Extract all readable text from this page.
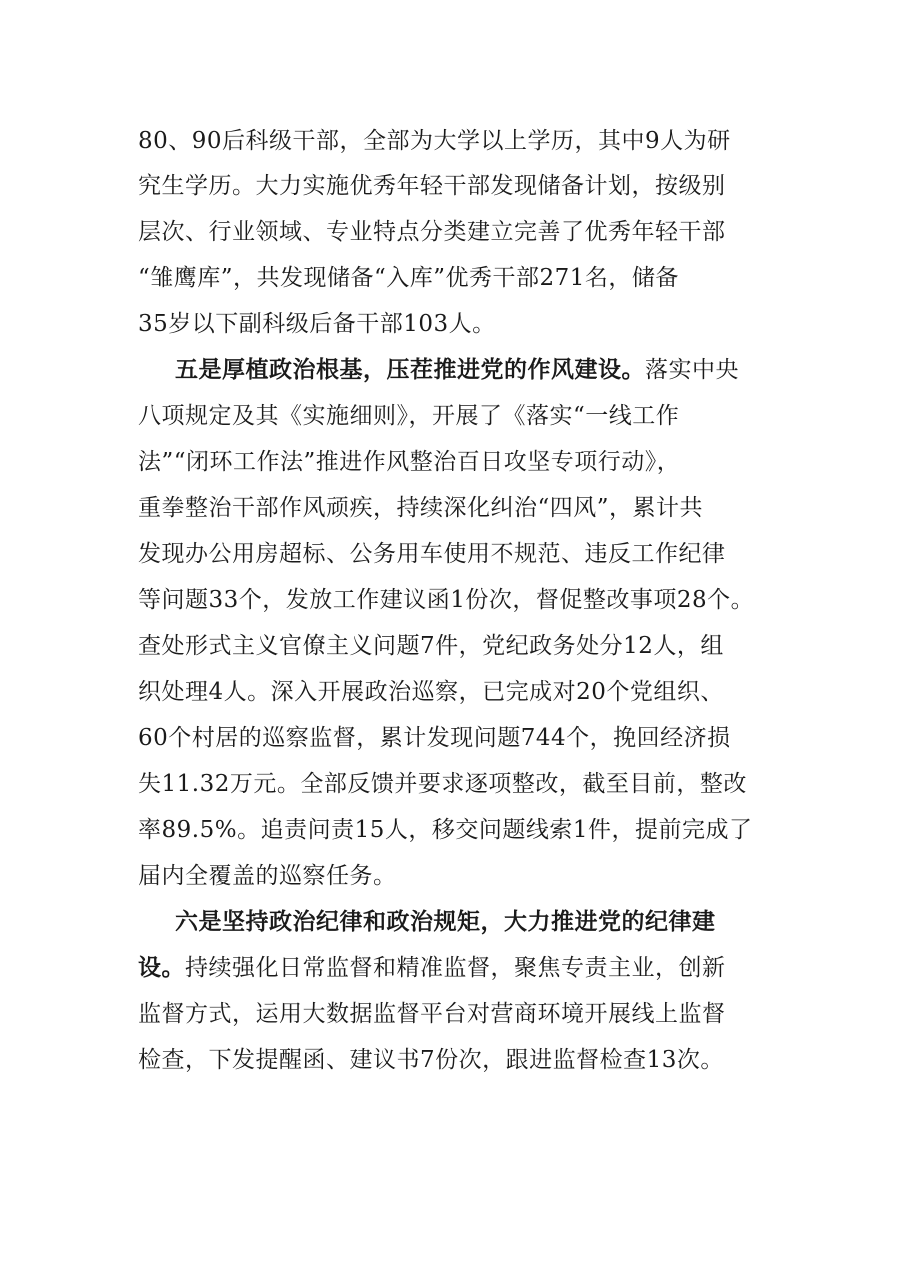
80、90后科级干部，全部为大学以上学历，其中9人为研
究生学历。大力实施优秀年轻干部发现储备计划，按级别
层次、行业领域、专业特点分类建立完善了优秀年轻干部
“雏鹰库”，共发现储备“入库”优秀干部271名，储备
35岁以下副科级后备干部103人。
五是厚植政治根基，压茬推进党的作风建设。落实中央
八项规定及其《实施细则》，开展了《落实“一线工作
法”“闭环工作法”推进作风整治百日攻坚专项行动》，
重拳整治干部作风顽疾，持续深化纠治“四风”，累计共
发现办公用房超标、公务用车使用不规范、违反工作纪律
等问题33个，发放工作建议函1份次，督促整改事项28个。
查处形式主义官僚主义问题7件，党纪政务处分12人，组
织处理4人。深入开展政治巡察，已完成对20个党组织、
60个村居的巡察监督，累计发现问题744个，挽回经济损
失11.32万元。全部反馈并要求逐项整改，截至目前，整改
率89.5%。追责问责15人，移交问题线索1件，提前完成了
届内全覆盖的巡察任务。
六是坚持政治纪律和政治规矩，大力推进党的纪律建
设。持续强化日常监督和精准监督，聚焦专责主业，创新
监督方式，运用大数据监督平台对营商环境开展线上监督
检查，下发提醒函、建议书7份次，跟进监督检查13次。
